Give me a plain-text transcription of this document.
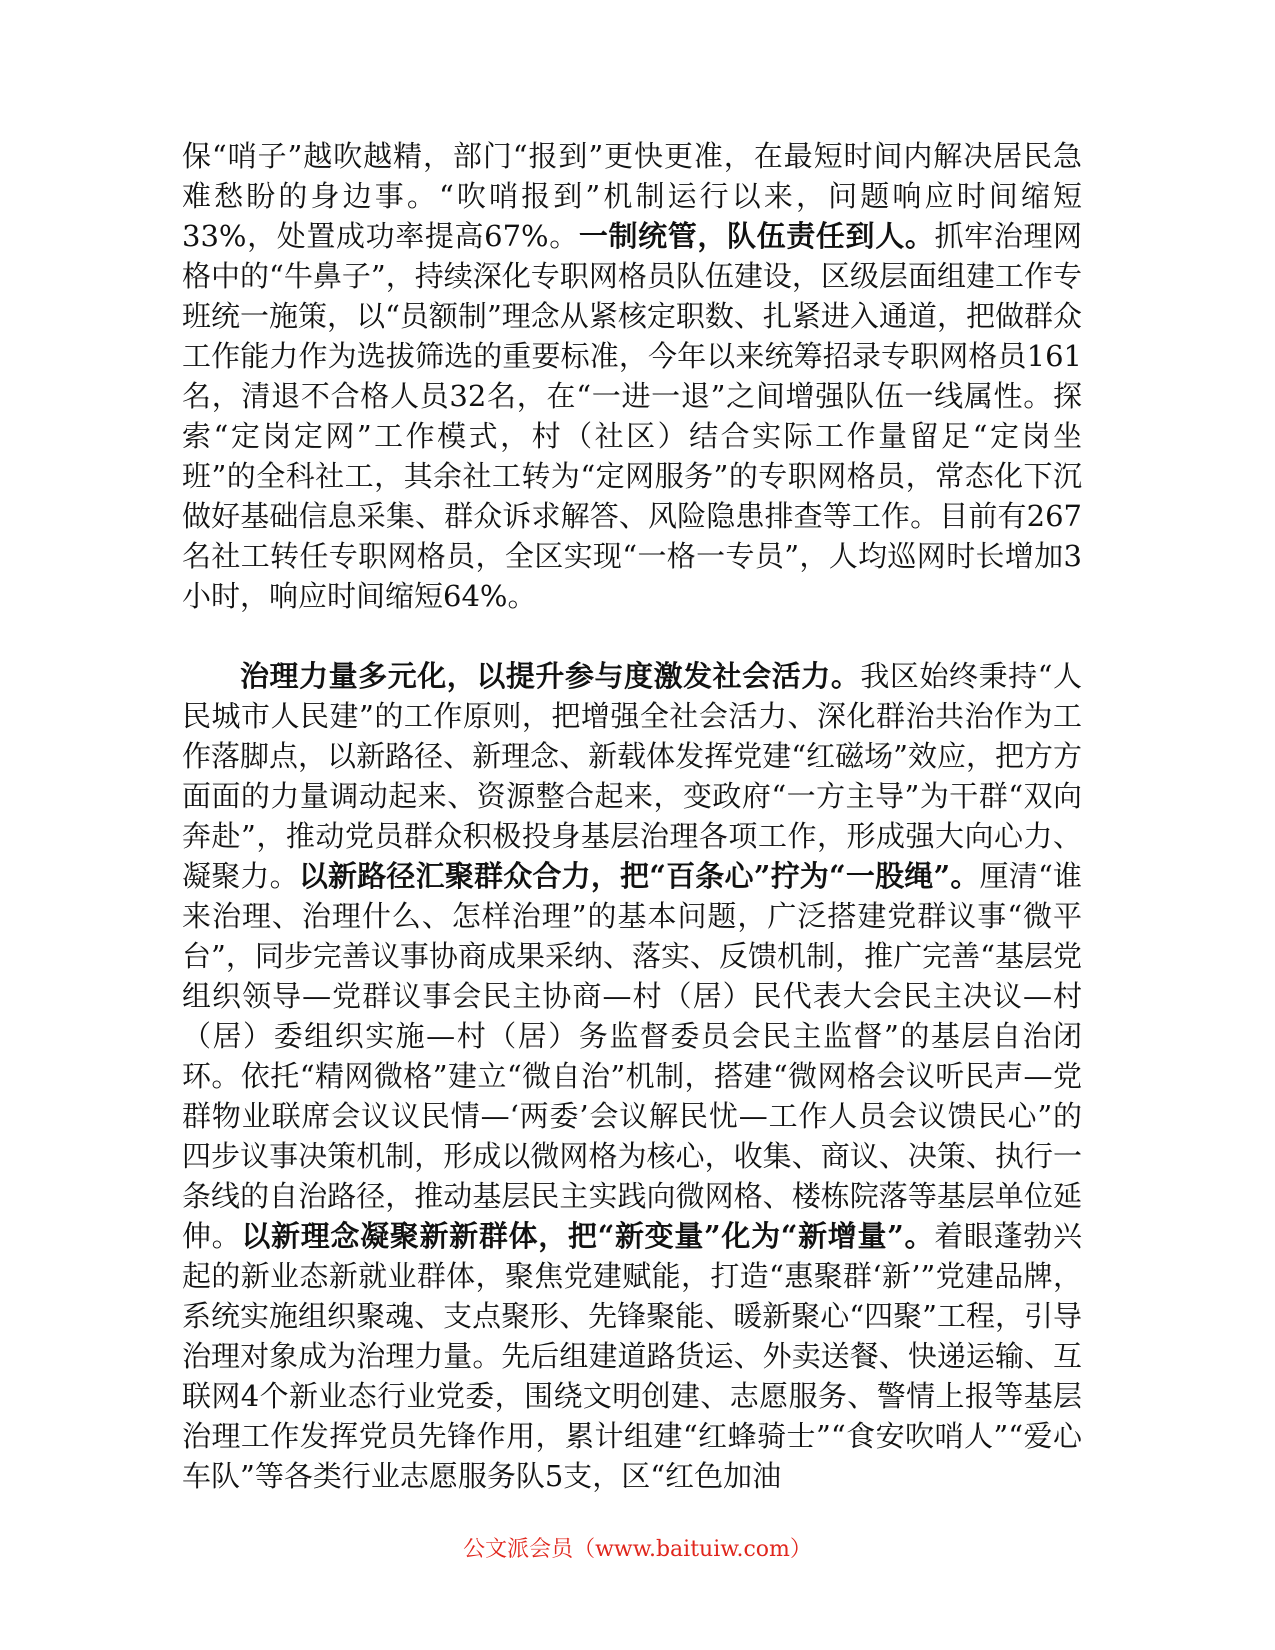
保“哨子”越吹越精，部门“报到”更快更准，在最短时间内解决居民急难愁盼的身边事。“吹哨报到”机制运行以来，问题响应时间缩短33%，处置成功率提高67%。一制统管，队伍责任到人。抓牢治理网格中的“牛鼻子”，持续深化专职网格员队伍建设，区级层面组建工作专班统一施策，以“员额制”理念从紧核定职数、扎紧进入通道，把做群众工作能力作为选拔筛选的重要标准，今年以来统筹招录专职网格员161名，清退不合格人员32名，在“一进一退”之间增强队伍一线属性。探索“定岗定网”工作模式，村（社区）结合实际工作量留足“定岗坐班”的全科社工，其余社工转为“定网服务”的专职网格员，常态化下沉做好基础信息采集、群众诉求解答、风险隐患排查等工作。目前有267名社工转任专职网格员，全区实现“一格一专员”，人均巡网时长增加3小时，响应时间缩短64%。

治理力量多元化，以提升参与度激发社会活力。我区始终秉持“人民城市人民建”的工作原则，把增强全社会活力、深化群治共治作为工作落脚点，以新路径、新理念、新载体发挥党建“红磁场”效应，把方方面面的力量调动起来、资源整合起来，变政府“一方主导”为干群“双向奔赴”，推动党员群众积极投身基层治理各项工作，形成强大向心力、凝聚力。以新路径汇聚群众合力，把“百条心”拧为“一股绳”。厘清“谁来治理、治理什么、怎样治理”的基本问题，广泛搭建党群议事“微平台”，同步完善议事协商成果采纳、落实、反馈机制，推广完善“基层党组织领导—党群议事会民主协商—村（居）民代表大会民主决议—村（居）委组织实施—村（居）务监督委员会民主监督”的基层自治闭环。依托“精网微格”建立“微自治”机制，搭建“微网格会议听民声—党群物业联席会议议民情—‘两委’会议解民忧—工作人员会议馈民心”的四步议事决策机制，形成以微网格为核心，收集、商议、决策、执行一条线的自治路径，推动基层民主实践向微网格、楼栋院落等基层单位延伸。以新理念凝聚新新群体，把“新变量”化为“新增量”。着眼蓬勃兴起的新业态新就业群体，聚焦党建赋能，打造“惠聚群‘新’”党建品牌，系统实施组织聚魂、支点聚形、先锋聚能、暖新聚心“四聚”工程，引导治理对象成为治理力量。先后组建道路货运、外卖送餐、快递运输、互联网4个新业态行业党委，围绕文明创建、志愿服务、警情上报等基层治理工作发挥党员先锋作用，累计组建“红蜂骑士”“食安吹哨人”“爱心车队”等各类行业志愿服务队5支，区“红色加油

公文派会员（www.baituiw.com）
